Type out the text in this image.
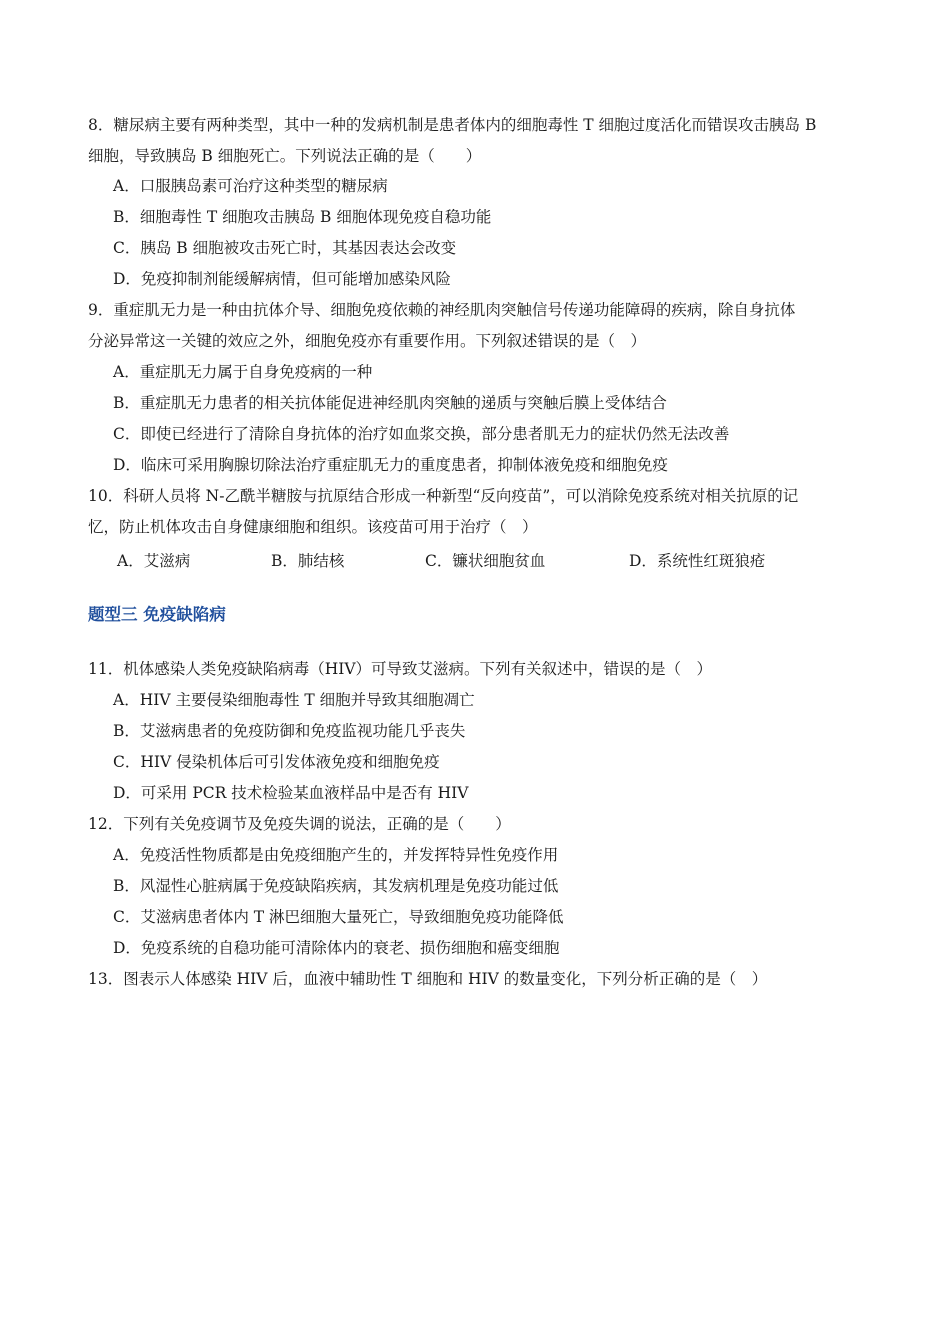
8．糖尿病主要有两种类型，其中一种的发病机制是患者体内的细胞毒性 T 细胞过度活化而错误攻击胰岛 B
细胞，导致胰岛 B 细胞死亡。下列说法正确的是（　　）
A．口服胰岛素可治疗这种类型的糖尿病
B．细胞毒性 T 细胞攻击胰岛 B 细胞体现免疫自稳功能
C．胰岛 B 细胞被攻击死亡时，其基因表达会改变
D．免疫抑制剂能缓解病情，但可能增加感染风险
9．重症肌无力是一种由抗体介导、细胞免疫依赖的神经肌肉突触信号传递功能障碍的疾病，除自身抗体
分泌异常这一关键的效应之外，细胞免疫亦有重要作用。下列叙述错误的是（　）
A．重症肌无力属于自身免疫病的一种
B．重症肌无力患者的相关抗体能促进神经肌肉突触的递质与突触后膜上受体结合
C．即使已经进行了清除自身抗体的治疗如血浆交换，部分患者肌无力的症状仍然无法改善
D．临床可采用胸腺切除法治疗重症肌无力的重度患者，抑制体液免疫和细胞免疫
10．科研人员将 N-乙酰半糖胺与抗原结合形成一种新型“反向疫苗”，可以消除免疫系统对相关抗原的记
忆，防止机体攻击自身健康细胞和组织。该疫苗可用于治疗（　）
A．艾滋病	B．肺结核	C．镰状细胞贫血	D．系统性红斑狼疮
题型三 免疫缺陷病
11．机体感染人类免疫缺陷病毒（HIV）可导致艾滋病。下列有关叙述中，错误的是（　）
A．HIV 主要侵染细胞毒性 T 细胞并导致其细胞凋亡
B．艾滋病患者的免疫防御和免疫监视功能几乎丧失
C．HIV 侵染机体后可引发体液免疫和细胞免疫
D．可采用 PCR 技术检验某血液样品中是否有 HIV
12．下列有关免疫调节及免疫失调的说法，正确的是（　　）
A．免疫活性物质都是由免疫细胞产生的，并发挥特异性免疫作用
B．风湿性心脏病属于免疫缺陷疾病，其发病机理是免疫功能过低
C．艾滋病患者体内 T 淋巴细胞大量死亡，导致细胞免疫功能降低
D．免疫系统的自稳功能可清除体内的衰老、损伤细胞和癌变细胞
13．图表示人体感染 HIV 后，血液中辅助性 T 细胞和 HIV 的数量变化，下列分析正确的是（　）
